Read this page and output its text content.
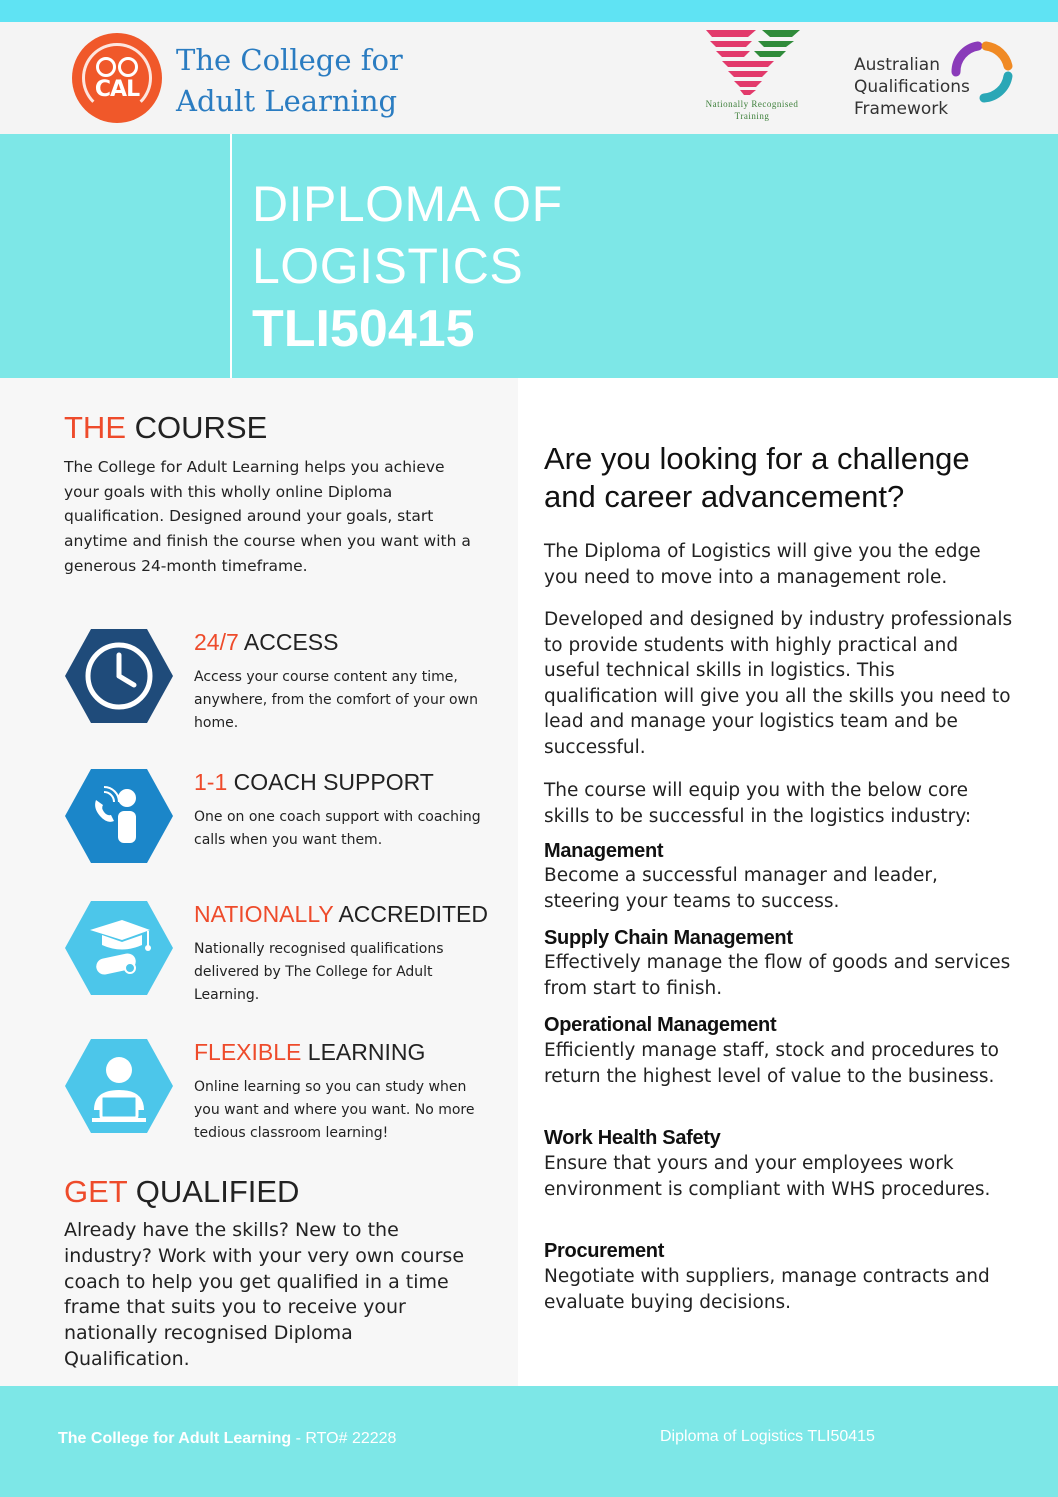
CAL
The College for
Adult Learning	Nationally Recognised
Training
Australian
Qualifications
Framework
DIPLOMA OF
LOGISTICS
TLI50415
THE COURSE
The College for Adult Learning helps you achieve your goals with this wholly online Diploma qualification. Designed around your goals, start anytime and finish the course when you want with a generous 24-month timeframe.
24/7 ACCESS
Access your course content any time, anywhere, from the comfort of your own home.
1-1 COACH SUPPORT
One on one coach support with coaching calls when you want them.
NATIONALLY ACCREDITED
Nationally recognised qualifications delivered by The College for Adult Learning.
FLEXIBLE LEARNING
Online learning so you can study when you want and where you want. No more tedious classroom learning!
GET QUALIFIED
Already have the skills? New to the industry? Work with your very own course coach to help you get qualified in a time frame that suits you to receive your nationally recognised Diploma Qualification.
Are you looking for a challenge and career advancement?
The Diploma of Logistics will give you the edge you need to move into a management role.
Developed and designed by industry professionals to provide students with highly practical and useful technical skills in logistics. This qualification will give you all the skills you need to lead and manage your logistics team and be successful.
The course will equip you with the below core skills to be successful in the logistics industry:
Management
Become a successful manager and leader, steering your teams to success.
Supply Chain Management
Effectively manage the flow of goods and services from start to finish.
Operational Management
Efficiently manage staff, stock and procedures to return the highest level of value to the business.
Work Health Safety
Ensure that yours and your employees work environment is compliant with WHS procedures.
Procurement
Negotiate with suppliers, manage contracts and evaluate buying decisions.
The College for Adult Learning - RTO# 22228	Diploma of Logistics TLI50415
